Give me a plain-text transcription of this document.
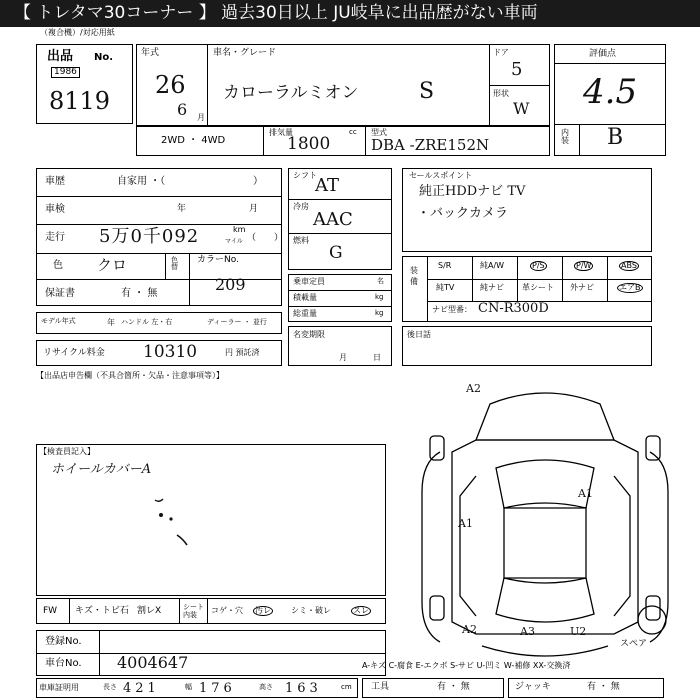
【 トレタマ30コーナー 】 過去30日以上 JU岐阜に出品歴がない車両
（複合機）/対応用紙
出品 No.
1986
8119
年式
26
6 月
車名・グレード
カローラルミオン	S
ドア
5
形状
W
評価点
4.5
内装 B
2WD ・ 4WD
排気量	cc
1800
型式
DBA -ZRE152N
車歴	自家用 ・（	）
車検	年	月
走行 5万0千092	km
マイル （　　）
色 クロ	色替
カラーNo.
209
保証書	有 ・ 無
モデル年式	年 ハンドル 左・右	ディーラー ・ 並行
リサイクル料金 10310	円 預託済
シフト
AT
冷房
AAC
燃料
G
乗車定員	名
積載量	kg
総重量	kg
名変期限
月	日
セールスポイント
純正HDDナビ TV
・バックカメラ
装備
S/R	純A/W	P/S	P/W	ABS
純TV	純ナビ 革シート 外ナビ	エアB
ナビ型番： CN-R300D
後日話
【出品店申告欄（不具合箇所・欠品・注意事項等）】
【検査員記入】
ホイールカバーA
FW キズ・トビ石 割レX	シート内装
コゲ・穴 汚レ	シミ・破レ	スレ
登録No.
車台No. 4004647
A2
A1
A1
A2	A3	U2
スペア
A-キズ C-腐食 E-エクボ S-サビ U-凹ミ W-補修 XX-交換済
車庫証明用	長さ 421	幅 176	高さ 163	cm 工具	有 ・ 無	ジャッキ	有 ・ 無
